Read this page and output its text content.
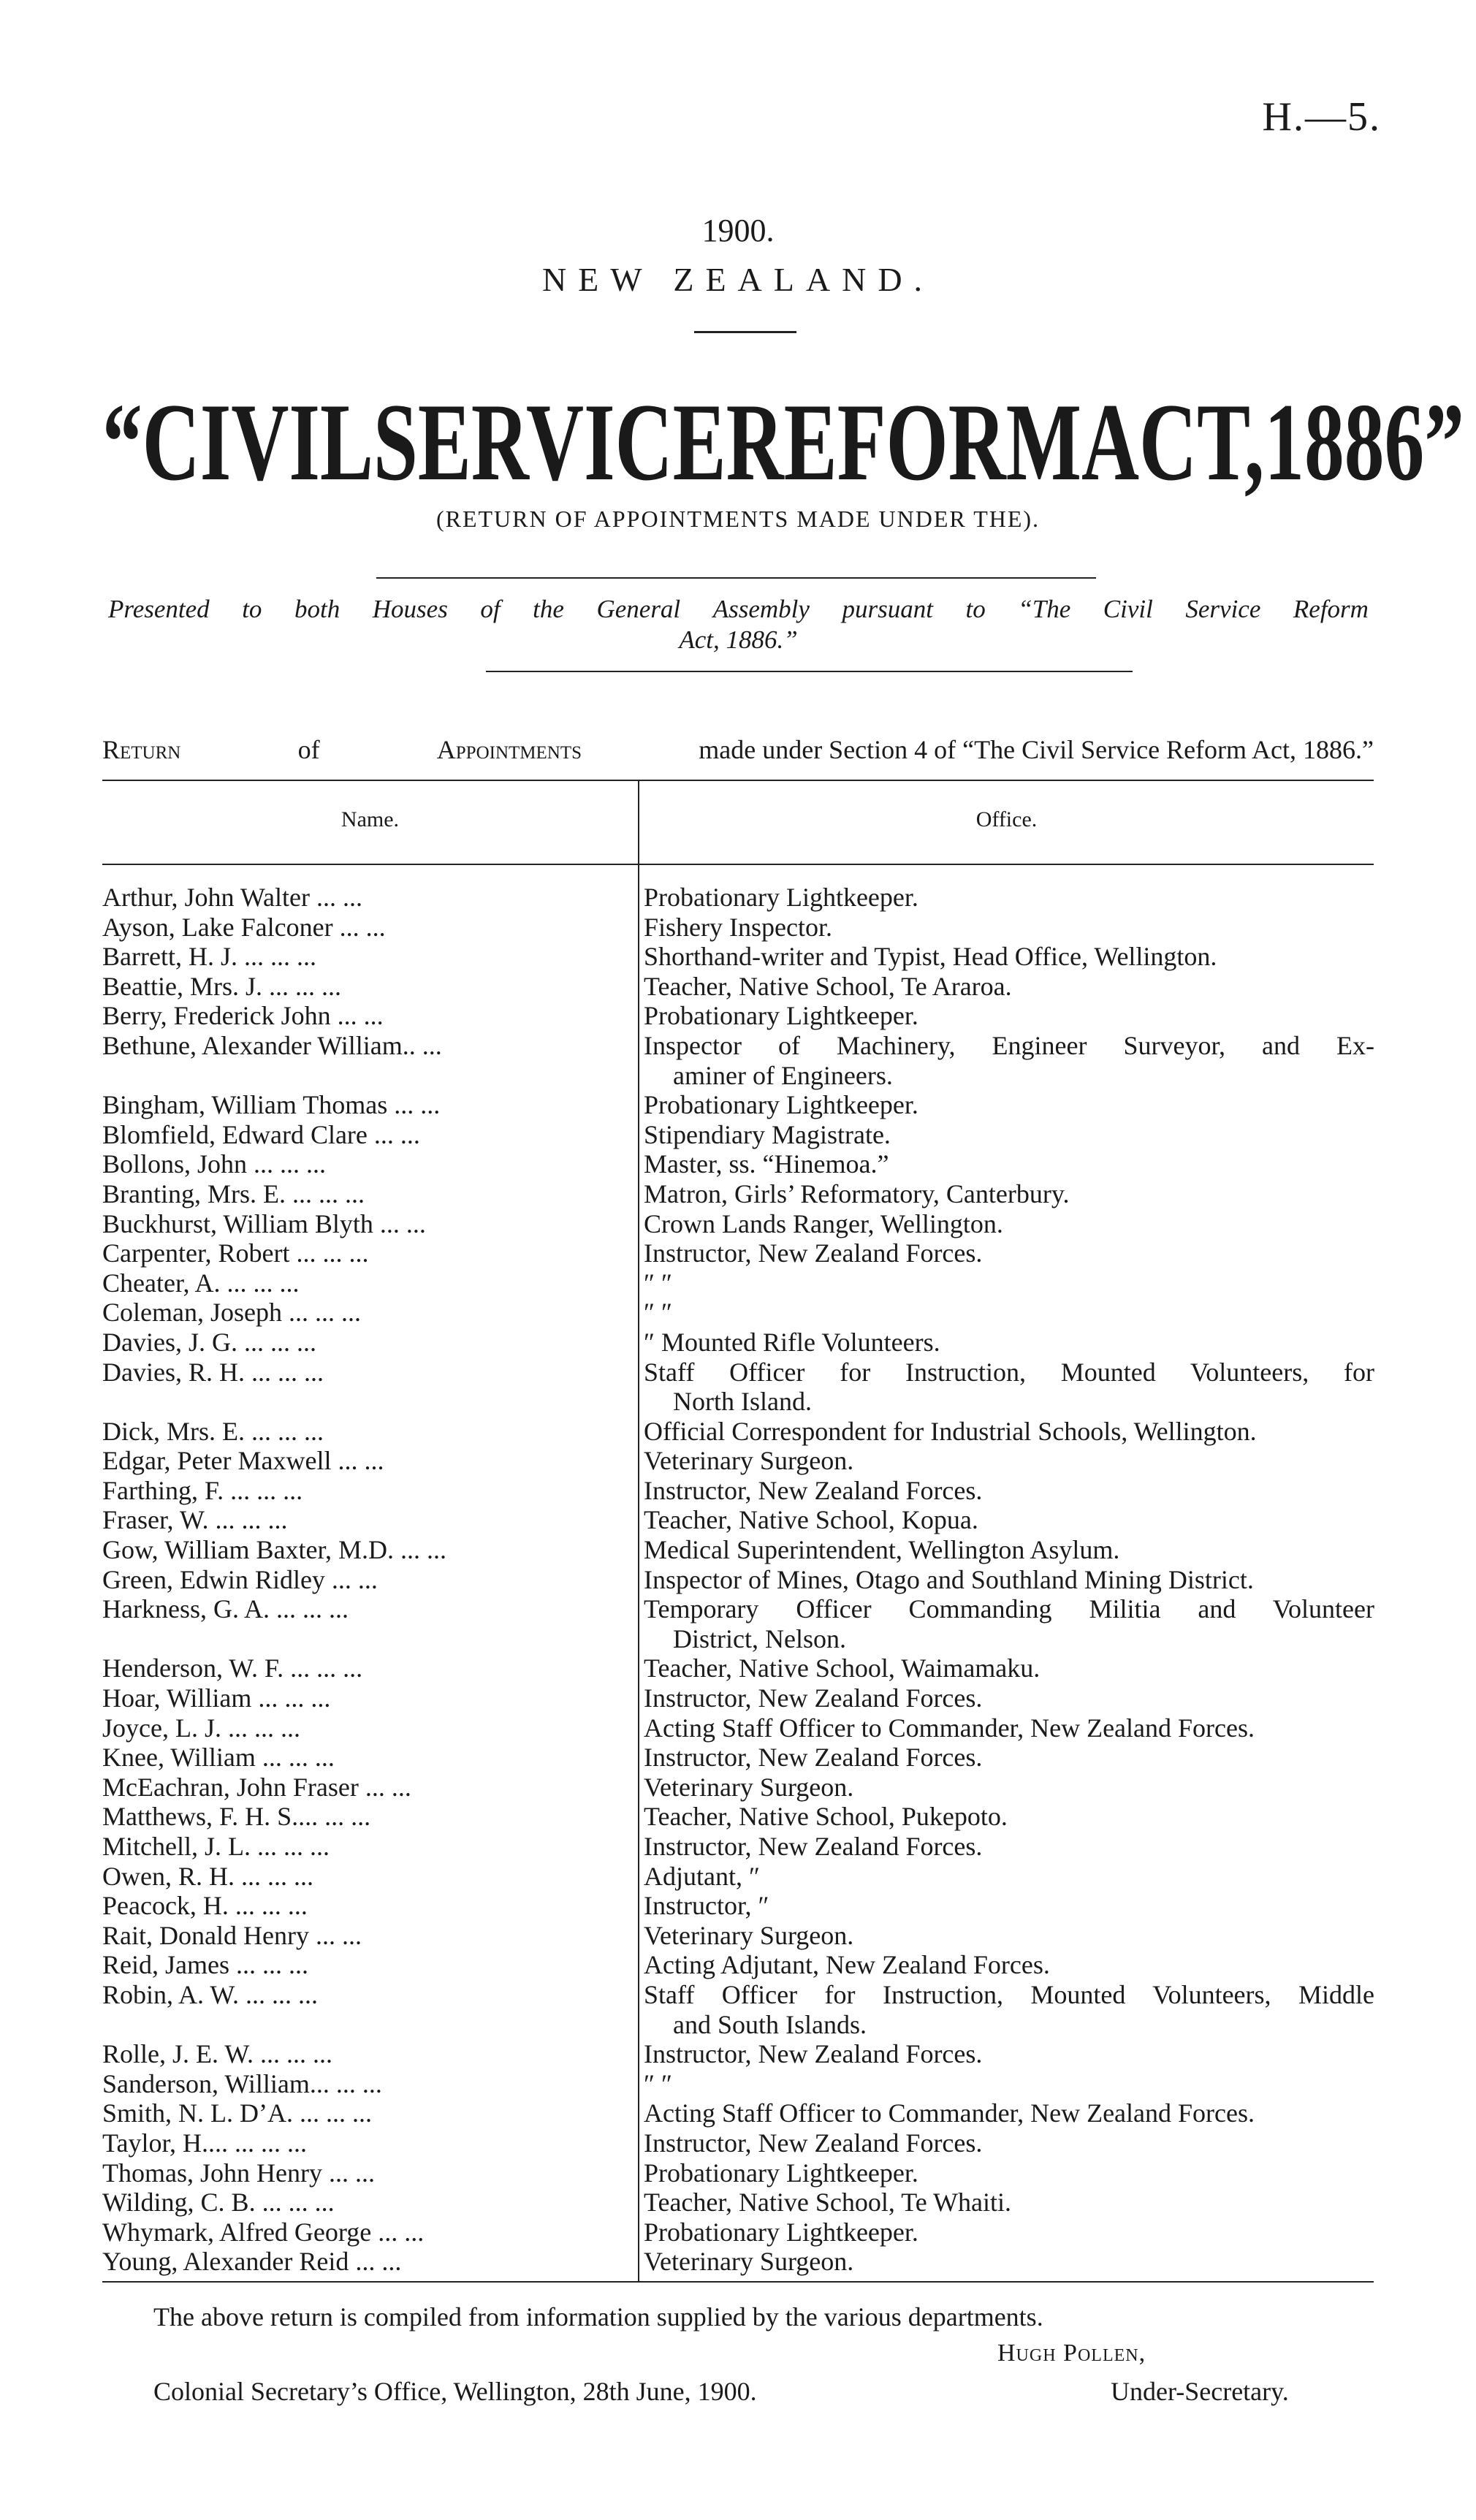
H.—5.
1900.
NEW ZEALAND.
“CIVIL SERVICE REFORM ACT, 1886”
(RETURN OF APPOINTMENTS MADE UNDER THE).
Presented to both Houses of the General Assembly pursuant to “The Civil Service Reform
Act, 1886.”
Return	of	Appointments	made under Section 4 of “The Civil Service Reform Act, 1886.”
Name.	Office.
Arthur, John Walter ... ...	Probationary Lightkeeper.
Ayson, Lake Falconer ... ...	Fishery Inspector.
Barrett, H. J. ... ... ...	Shorthand-writer and Typist, Head Office, Wellington.
Beattie, Mrs. J. ... ... ...	Teacher, Native School, Te Araroa.
Berry, Frederick John ... ...	Probationary Lightkeeper.
Bethune, Alexander William.. ...	Inspector of Machinery, Engineer Surveyor, and Ex-
aminer of Engineers.
Bingham, William Thomas ... ...	Probationary Lightkeeper.
Blomfield, Edward Clare ... ...	Stipendiary Magistrate.
Bollons, John ... ... ...	Master, ss. “Hinemoa.”
Branting, Mrs. E. ... ... ...	Matron, Girls’ Reformatory, Canterbury.
Buckhurst, William Blyth ... ...	Crown Lands Ranger, Wellington.
Carpenter, Robert ... ... ...	Instructor, New Zealand Forces.
Cheater, A. ... ... ...	″ ″
Coleman, Joseph ... ... ...	″ ″
Davies, J. G. ... ... ...	″ Mounted Rifle Volunteers.
Davies, R. H. ... ... ...	Staff Officer for Instruction, Mounted Volunteers, for
North Island.
Dick, Mrs. E. ... ... ...	Official Correspondent for Industrial Schools, Wellington.
Edgar, Peter Maxwell ... ...	Veterinary Surgeon.
Farthing, F. ... ... ...	Instructor, New Zealand Forces.
Fraser, W. ... ... ...	Teacher, Native School, Kopua.
Gow, William Baxter, M.D. ... ...	Medical Superintendent, Wellington Asylum.
Green, Edwin Ridley ... ...	Inspector of Mines, Otago and Southland Mining District.
Harkness, G. A. ... ... ...	Temporary Officer Commanding Militia and Volunteer
District, Nelson.
Henderson, W. F. ... ... ...	Teacher, Native School, Waimamaku.
Hoar, William ... ... ...	Instructor, New Zealand Forces.
Joyce, L. J. ... ... ...	Acting Staff Officer to Commander, New Zealand Forces.
Knee, William ... ... ...	Instructor, New Zealand Forces.
McEachran, John Fraser ... ...	Veterinary Surgeon.
Matthews, F. H. S.... ... ...	Teacher, Native School, Pukepoto.
Mitchell, J. L. ... ... ...	Instructor, New Zealand Forces.
Owen, R. H. ... ... ...	Adjutant, ″
Peacock, H. ... ... ...	Instructor, ″
Rait, Donald Henry ... ...	Veterinary Surgeon.
Reid, James ... ... ...	Acting Adjutant, New Zealand Forces.
Robin, A. W. ... ... ...	Staff Officer for Instruction, Mounted Volunteers, Middle
and South Islands.
Rolle, J. E. W. ... ... ...	Instructor, New Zealand Forces.
Sanderson, William... ... ...	″ ″
Smith, N. L. D’A. ... ... ...	Acting Staff Officer to Commander, New Zealand Forces.
Taylor, H.... ... ... ...	Instructor, New Zealand Forces.
Thomas, John Henry ... ...	Probationary Lightkeeper.
Wilding, C. B. ... ... ...	Teacher, Native School, Te Whaiti.
Whymark, Alfred George ... ...	Probationary Lightkeeper.
Young, Alexander Reid ... ...	Veterinary Surgeon.
The above return is compiled from information supplied by the various departments.
Hugh Pollen,
Colonial Secretary’s Office, Wellington, 28th June, 1900.	Under-Secretary.
